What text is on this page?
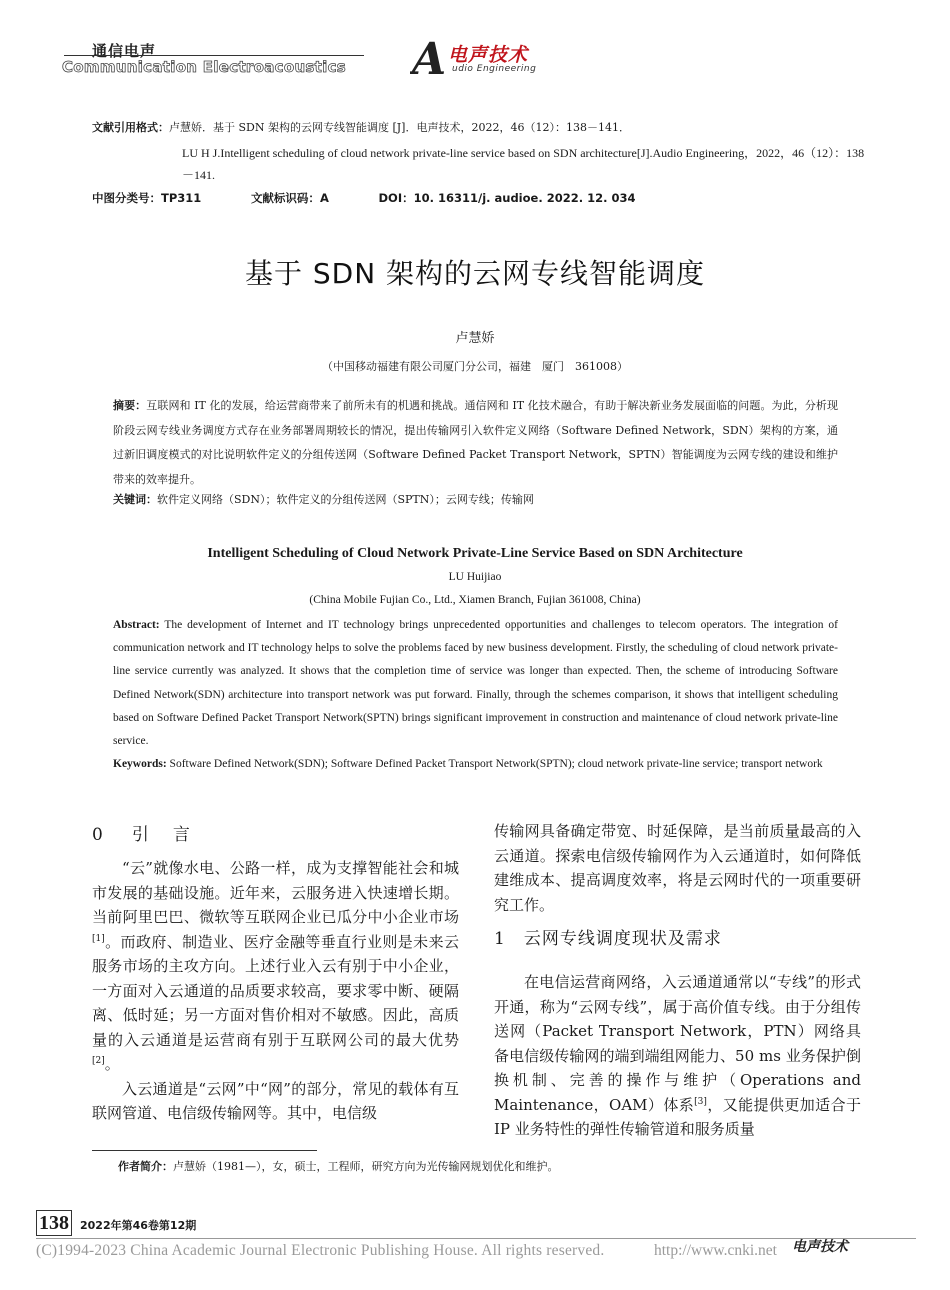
通信电声
Communication Electroacoustics A 电声技术
udio Engineering
文献引用格式：卢慧娇．基于 SDN 架构的云网专线智能调度 [J]．电声技术，2022，46（12）：138－141．
LU H J.Intelligent scheduling of cloud network private-line service based on SDN architecture[J].Audio Engineering，2022，46（12）：138－141.
中图分类号：TP311	文献标识码：A	DOI：10. 16311/j. audioe. 2022. 12. 034
基于 SDN 架构的云网专线智能调度
卢慧娇
（中国移动福建有限公司厦门分公司，福建　厦门　361008）
摘要：互联网和 IT 化的发展，给运营商带来了前所未有的机遇和挑战。通信网和 IT 化技术融合，有助于解决新业务发展面临的问题。为此，分析现阶段云网专线业务调度方式存在业务部署周期较长的情况，提出传输网引入软件定义网络（Software Defined Network，SDN）架构的方案，通过新旧调度模式的对比说明软件定义的分组传送网（Software Defined Packet Transport Network，SPTN）智能调度为云网专线的建设和维护带来的效率提升。
关键词：软件定义网络（SDN）；软件定义的分组传送网（SPTN）；云网专线；传输网
Intelligent Scheduling of Cloud Network Private-Line Service Based on SDN Architecture
LU Huijiao
(China Mobile Fujian Co., Ltd., Xiamen Branch, Fujian 361008, China)
Abstract: The development of Internet and IT technology brings unprecedented opportunities and challenges to telecom operators. The integration of communication network and IT technology helps to solve the problems faced by new business development. Firstly, the scheduling of cloud network private-line service currently was analyzed. It shows that the completion time of service was longer than expected. Then, the scheme of introducing Software Defined Network(SDN) architecture into transport network was put forward. Finally, through the schemes comparison, it shows that intelligent scheduling based on Software Defined Packet Transport Network(SPTN) brings significant improvement in construction and maintenance of cloud network private-line service.
Keywords: Software Defined Network(SDN); Software Defined Packet Transport Network(SPTN); cloud network private-line service; transport network
0 引言

“云”就像水电、公路一样，成为支撑智能社会和城市发展的基础设施。近年来，云服务进入快速增长期。当前阿里巴巴、微软等互联网企业已瓜分中小企业市场[1]。而政府、制造业、医疗金融等垂直行业则是未来云服务市场的主攻方向。上述行业入云有别于中小企业，一方面对入云通道的品质要求较高，要求零中断、硬隔离、低时延；另一方面对售价相对不敏感。因此，高质量的入云通道是运营商有别于互联网公司的最大优势[2]。

入云通道是“云网”中“网”的部分，常见的载体有互联网管道、电信级传输网等。其中，电信级

传输网具备确定带宽、时延保障，是当前质量最高的入云通道。探索电信级传输网作为入云通道时，如何降低建维成本、提高调度效率，将是云网时代的一项重要研究工作。

在电信运营商网络，入云通道通常以“专线”的形式开通，称为“云网专线”，属于高价值专线。由于分组传送网（Packet Transport Network，PTN）网络具备电信级传输网的端到端组网能力、50 ms 业务保护倒换机制、完善的操作与维护（Operations and Maintenance，OAM）体系[3]，又能提供更加适合于 IP 业务特性的弹性传输管道和服务质量

1 云网专线调度现状及需求
作者简介：卢慧娇（1981—），女，硕士，工程师，研究方向为光传输网规划优化和维护。
138 2022年第46卷第12期
(C)1994-2023 China Academic Journal Electronic Publishing House. All rights reserved.	http://www.cnki.net 电声技术
